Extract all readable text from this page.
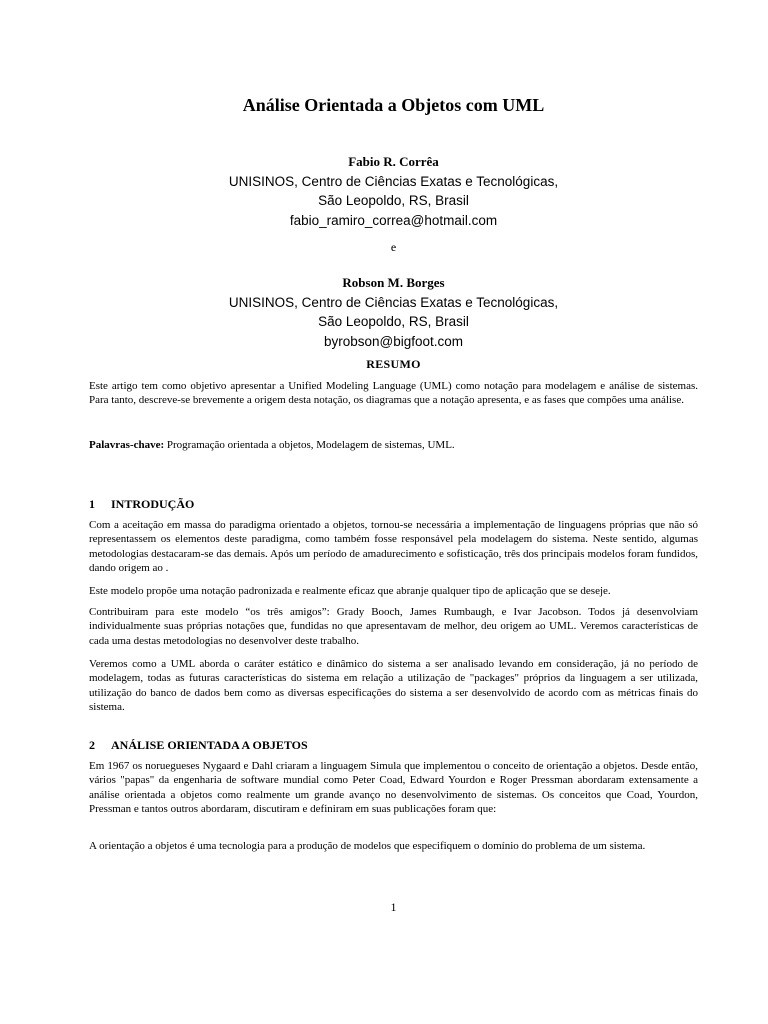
Análise Orientada a Objetos com UML
Fabio R. Corrêa
UNISINOS, Centro de Ciências Exatas e Tecnológicas,
São Leopoldo, RS, Brasil
fabio_ramiro_correa@hotmail.com
e
Robson M. Borges
UNISINOS, Centro de Ciências Exatas e Tecnológicas,
São Leopoldo, RS, Brasil
byrobson@bigfoot.com
RESUMO

Este artigo tem como objetivo apresentar a Unified Modeling Language (UML) como notação para modelagem e análise de sistemas. Para tanto, descreve-se brevemente a origem desta notação, os diagramas que a notação apresenta, e as fases que compões uma análise.

Palavras-chave: Programação orientada a objetos, Modelagem de sistemas, UML.

1 INTRODUÇÃO

Com a aceitação em massa do paradigma orientado a objetos, tornou-se necessária a implementação de linguagens próprias que não só representassem os elementos deste paradigma, como também fosse responsável pela modelagem do sistema. Neste sentido, algumas metodologias destacaram-se das demais. Após um período de amadurecimento e sofisticação, três dos principais modelos foram fundidos, dando origem ao .

Este modelo propõe uma notação padronizada e realmente eficaz que abranje qualquer tipo de aplicação que se deseje.

Contribuiram para este modelo “os três amigos”: Grady Booch, James Rumbaugh, e Ivar Jacobson. Todos já desenvolviam individualmente suas próprias notações que, fundidas no que apresentavam de melhor, deu origem ao UML. Veremos características de cada uma destas metodologias no desenvolver deste trabalho.

Veremos como a UML aborda o caráter estático e dinâmico do sistema a ser analisado levando em consideração, já no período de modelagem, todas as futuras características do sistema em relação a utilização de "packages" próprios da linguagem a ser utilizada, utilização do banco de dados bem como as diversas especificações do sistema a ser desenvolvido de acordo com as métricas finais do sistema.

2 ANÁLISE ORIENTADA A OBJETOS

Em 1967 os noruegueses Nygaard e Dahl criaram a linguagem Simula que implementou o conceito de orientação a objetos. Desde então, vários "papas" da engenharia de software mundial como Peter Coad, Edward Yourdon e Roger Pressman abordaram extensamente a análise orientada a objetos como realmente um grande avanço no desenvolvimento de sistemas. Os conceitos que Coad, Yourdon, Pressman e tantos outros abordaram, discutiram e definiram em suas publicações foram que:

A orientação a objetos é uma tecnologia para a produção de modelos que especifiquem o domínio do problema de um sistema.

1
